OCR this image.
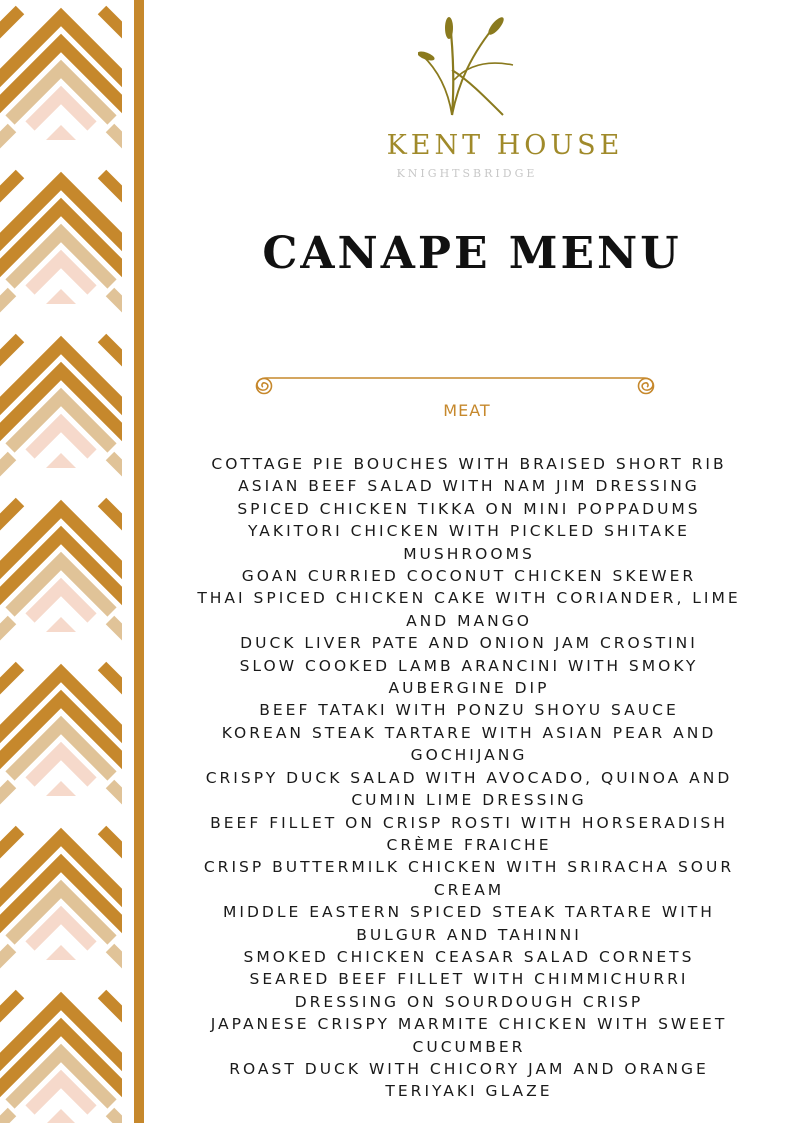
KENT HOUSE
KNIGHTSBRIDGE
CANAPE MENU
MEAT
COTTAGE PIE BOUCHES WITH BRAISED SHORT RIB
ASIAN BEEF SALAD WITH NAM JIM DRESSING
SPICED CHICKEN TIKKA ON MINI POPPADUMS
YAKITORI CHICKEN WITH PICKLED SHITAKE MUSHROOMS
GOAN CURRIED COCONUT CHICKEN SKEWER
THAI SPICED CHICKEN CAKE WITH CORIANDER, LIME AND MANGO
DUCK LIVER PATE AND ONION JAM CROSTINI
SLOW COOKED LAMB ARANCINI WITH SMOKY AUBERGINE DIP
BEEF TATAKI WITH PONZU SHOYU SAUCE
KOREAN STEAK TARTARE WITH ASIAN PEAR AND GOCHIJANG
CRISPY DUCK SALAD WITH AVOCADO, QUINOA AND CUMIN LIME DRESSING
BEEF FILLET ON CRISP ROSTI WITH HORSERADISH CRÈME FRAICHE
CRISP BUTTERMILK CHICKEN WITH SRIRACHA SOUR CREAM
MIDDLE EASTERN SPICED STEAK TARTARE WITH BULGUR AND TAHINNI
SMOKED CHICKEN CEASAR SALAD CORNETS
SEARED BEEF FILLET WITH CHIMMICHURRI DRESSING ON SOURDOUGH CRISP
JAPANESE CRISPY MARMITE CHICKEN WITH SWEET CUCUMBER
ROAST DUCK WITH CHICORY JAM AND ORANGE TERIYAKI GLAZE
